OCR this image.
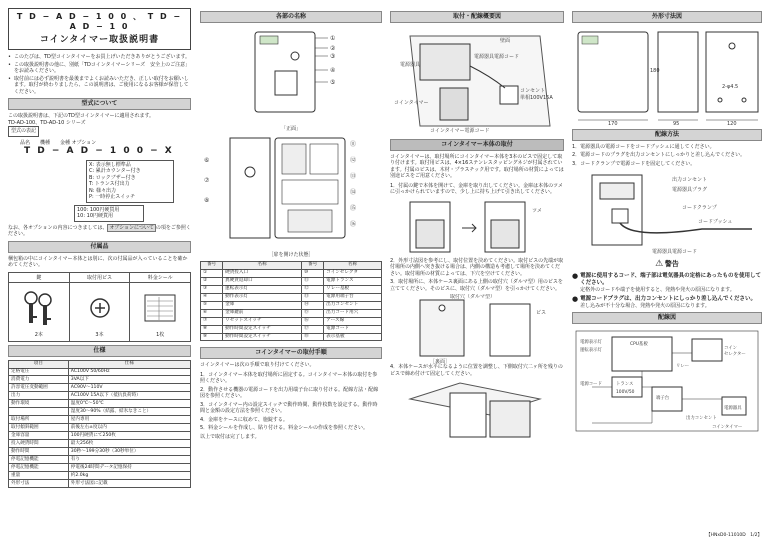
T D − A D − 1 0 0 、 T D − A D − 1 0
コインタイマー取扱説明書
• このたびは、TD型コインタイマーをお買上げいただきありがとうございます。
• この取扱説明書の他に、別紙「TDコインタイマーシリーズ　安全上のご注意」をお読みください。
• 取付前には必ず説明書を最後までよくお読みいただき、正しい取付をお願いします。取付が終わりましたら、この説明書は、ご使用になるお客様が保管してください。
型式について

この取扱説明書は、下記のTD型コインタイマーに適用されます。

TD-AD-100、TD-AD-10 シリーズ

型式の表記

品名　　機種　　金種 オプション

T D − A D − 1 0 0 − X
X: 表示無し標準品
C: 累計カウンター付き
B: ロックブザー付き
T: トランス付出力
N: 様々出力
P: 一時停止スイッチ
100: 100円硬貨用
10: 10円硬貨用

なお、各オプションの内容につきましては、 オプションについて の項をご参照ください。

付属品

梱包箱の中にコインタイマー本体とは別に、次の付属品が入っていることを確かめてください。

鍵
2本
取付用ビス
3本
料金シール
1枚
仕様
項目	仕様
定格電圧	AC100V 50/60Hz
消費電力	3VA以下
許容電圧変動範囲	AC90V〜110V
出力	AC100V 15A以下（抵抗負荷時）
動作環境	温度0℃〜50℃
	湿度30〜90%（結露、結氷なきこと）
取付場所	屋内専用
取付傾斜範囲	前後左右±度以内
金庫容量	100円硬貨にて250枚
投入硬貨時間	最大256枚
動作時間	30秒〜199分30秒（30秒単位）
停電記憶機能	有り
停電記憶機能	停電後24時間データ記憶保持
重量	約2.0kg
外形寸法	外形寸法図に記載
各部の名称
①
②
③
④
⑤

「正面」

⑪
⑫
⑬
⑭
⑮
⑯
⑥
⑦
⑧

［扉を開けた状態］

番号	名称	番号	名称
①	硬貨投入口	⑩	コインセレクタ
②	異硬貨返却口	⑪	電源トランス
③	運転表示灯	⑫	リレー基板
④	動作表示灯	⑬	電源用端子台
⑤	金庫	⑭	出力コンセント
⑥	金庫鍵前	⑮	出力コード用穴
⑦	リセットスイッチ	⑯	アース線
⑧	動作時間設定スイッチ	⑰	電源コード
⑨	動作時間設定スイッチ	⑱	表示基板
コインタイマーの取付手順

コインタイマーは次の手順で取り付けてください。

1．コインタイマー本体を取付場所に固定する。コインタイマー本体の取付を参照ください。
2．動作させる機器の電源コードを出力用端子台に取り付ける。配線方法・配線図を参照ください。
3．コインタイマー内の設定スイッチで動作時間、動作枚数を設定する。動作時間と金額の設定方法を参照ください。
4．金庫をケースに収めて、施錠する。
5．料金シールを作成し、貼り付ける。料金シールの作成を参照ください。

以上で取付は完了します。

取付・配線概要図
壁面
電源器具
電源器具電源コード
コンセント
単相100V15A
コインタイマー
コインタイマー電源コード
コインタイマー本体の取付

コインタイマーは、取付場所にコインタイマー本体を3本のビスで固定して取り付けます。取付用ビスは、4×16ステンレスタッピングネジが付属されています。付属のビスは、木材・プラスチック用です。取付場所の材質によっては別途ビスをご用意ください。

1．付属の鍵で本体を開けて、金庫を取り出してください。金庫は本体のツメに引っかけられていますので、少し上に持ち上げて引き出してください。
ツメ
2．外形寸法図を参考にし、取付位置を決めてください。取付ビスの先端が取付場所の内側へ突き抜ける場合は、内側の構造も考慮して場所を決めてください。取付場所の材質によっては、下穴を空けてください。
3．取付場所に、本体ケース裏面にある上側の取付穴（ダルマ型）用のビスを立ててください。そのビスに、取付穴（ダルマ型）を引っかけてください。
取付穴（ダルマ型）
ビス
［裏面］
4．本体ケースが水平になるように位置を調整し、下側取付穴二ヶ所を残りのビスで締め付けて固定してください。
外形寸法図
170	95	120
180
2-φ4.5
配線方法
1．電源器具の電源コードをコードブッシュに通してください。
2．電源コードのプラグを出力コンセントにしっかりと差し込んでください。
3．コードクランプで電源コードを固定してください。
出力コンセント
電源器具プラグ
コードクランプ
コードブッシュ
電源器具電源コード
⚠ 警告
● 電源に使用するコード、端子部は電気器具の定格にあったものを使用してください。
定格外のコードや端子を使用すると、発熱や発火の原因になります。
● 電源コードプラグは、出力コンセントにしっかり差し込んでください。
差し込みが不十分な場合、発熱や発火の原因になります。
配線図
電源表示灯
運転表示灯
CPU基板
トランス
100V/50
リレー
コイン
セレクター
端子台
電源コード
出力コンセント
電源器具
コインタイマー
【HNxD0-11010D　1/2】
